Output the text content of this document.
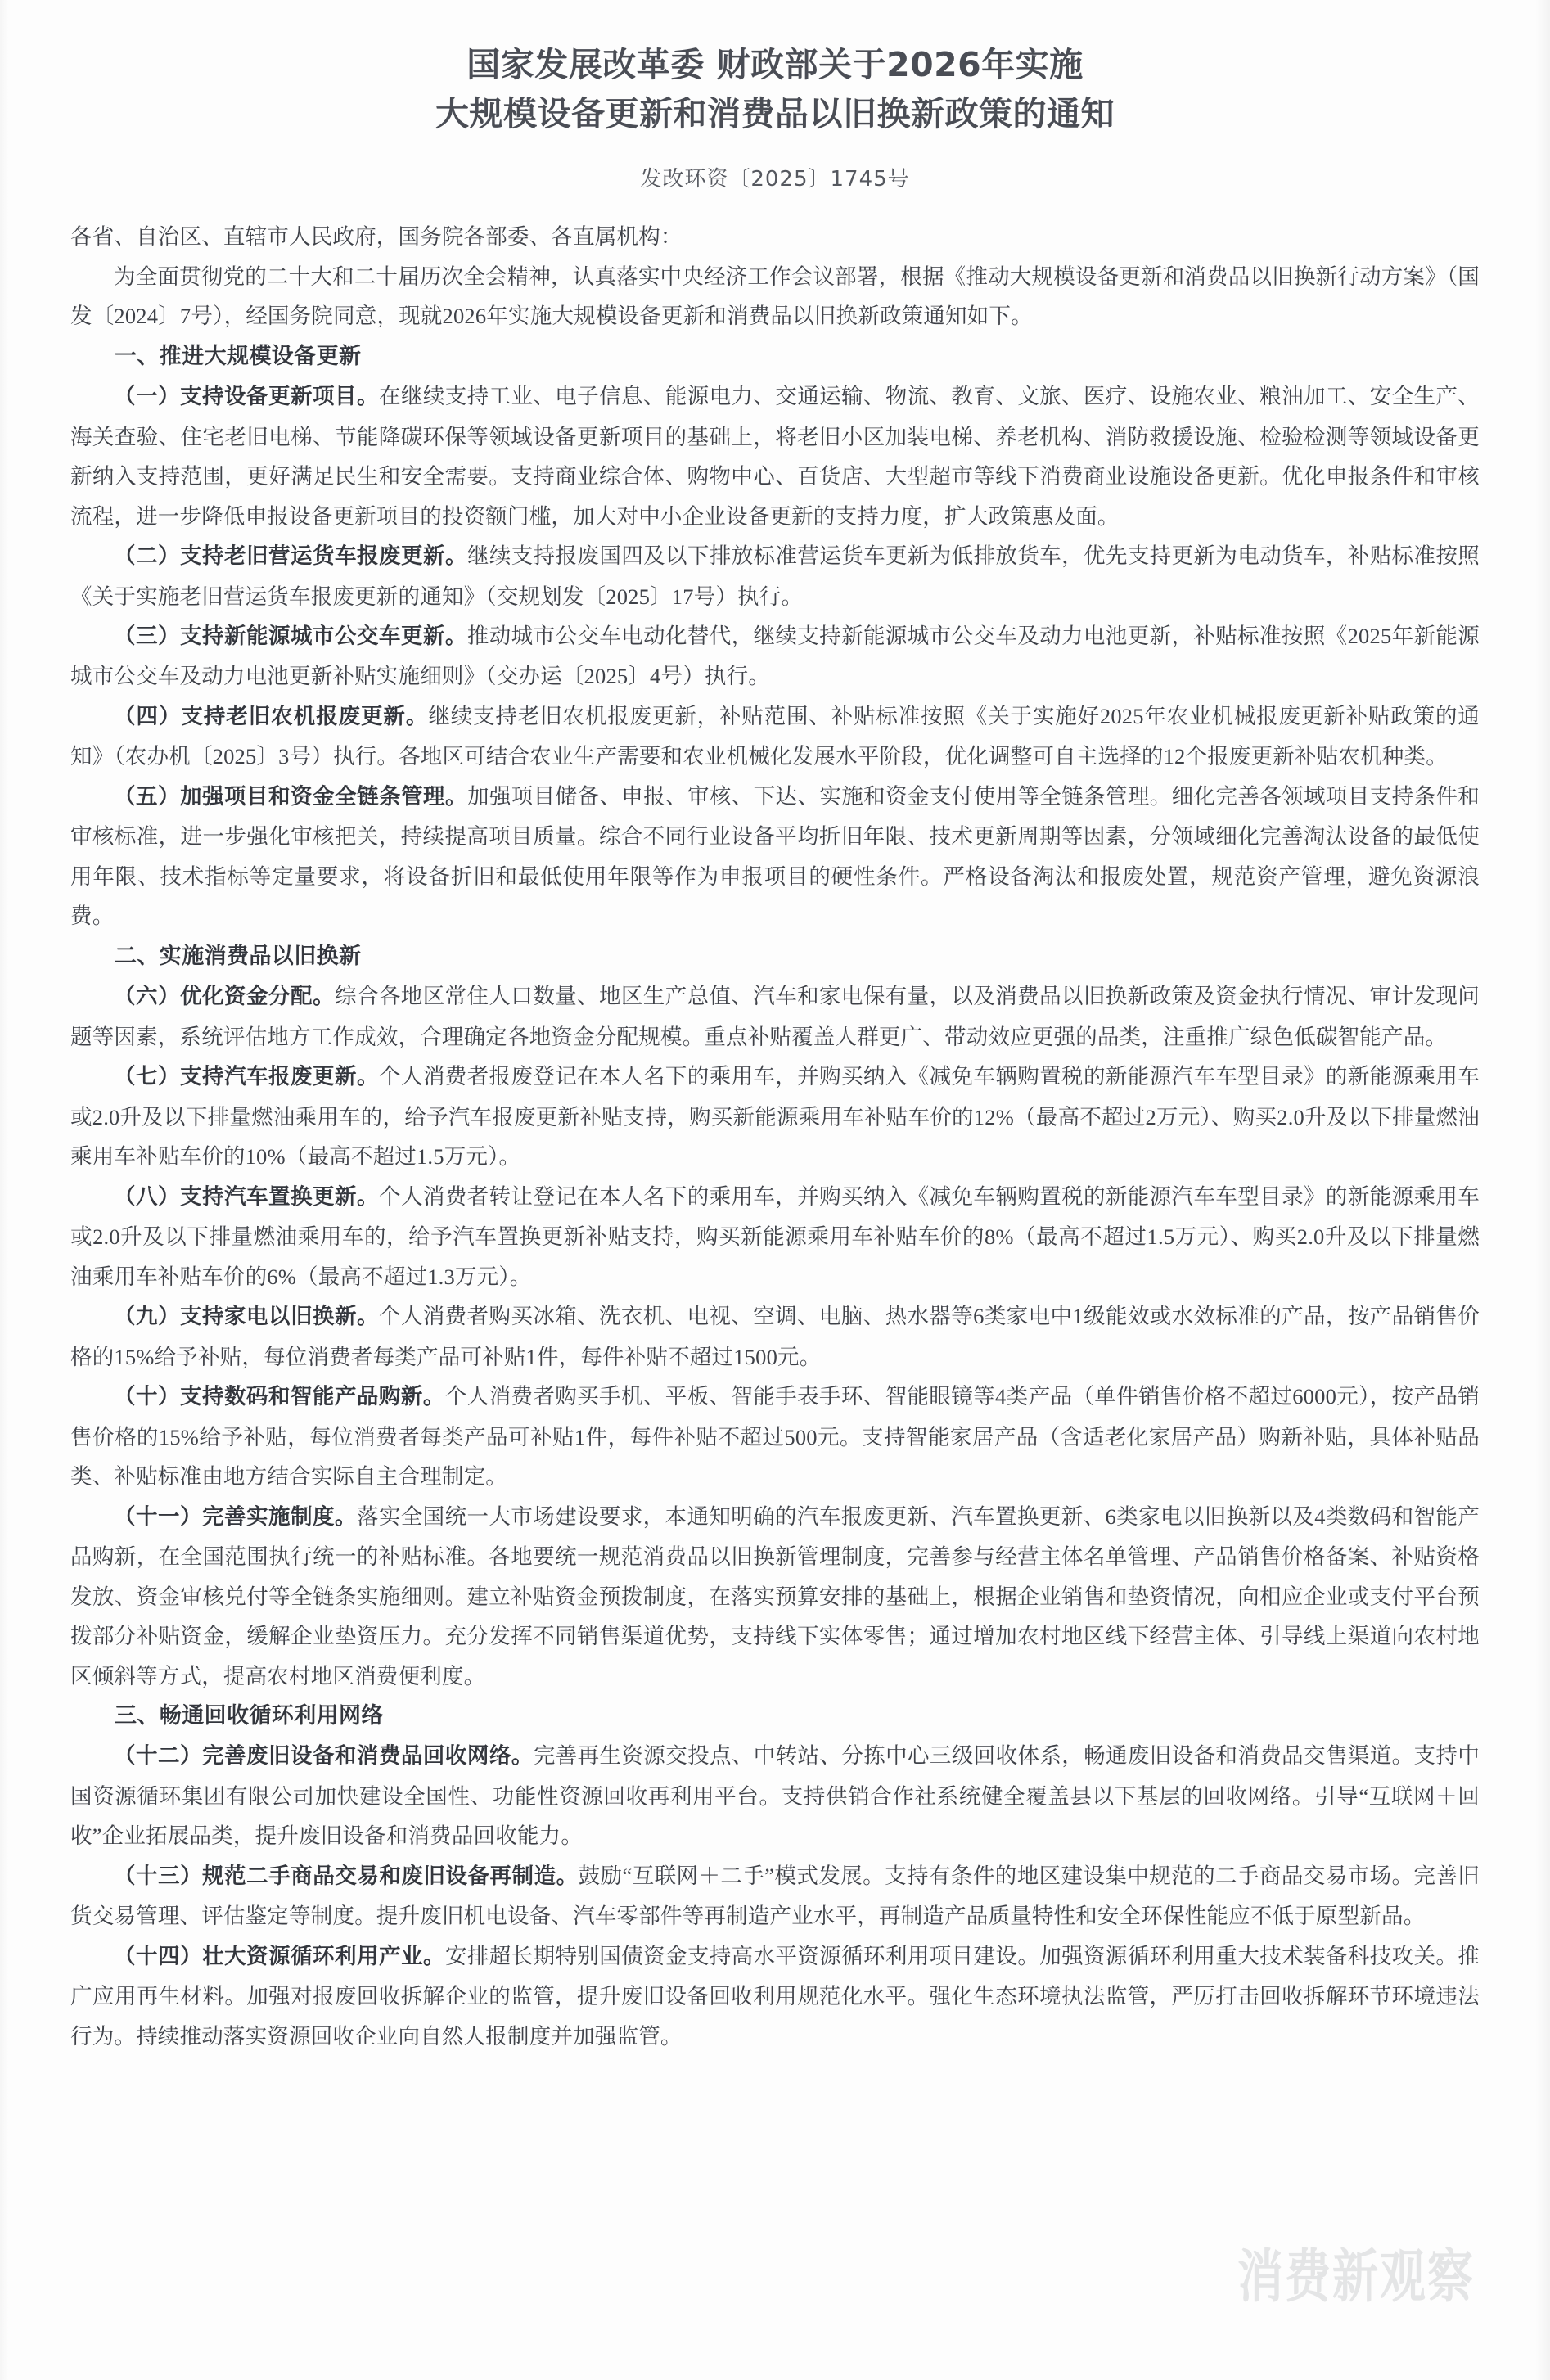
国家发展改革委 财政部关于2026年实施
大规模设备更新和消费品以旧换新政策的通知
发改环资〔2025〕1745号

各省、自治区、直辖市人民政府，国务院各部委、各直属机构：

为全面贯彻党的二十大和二十届历次全会精神，认真落实中央经济工作会议部署，根据《推动大规模设备更新和消费品以旧换新行动方案》（国发〔2024〕7号），经国务院同意，现就2026年实施大规模设备更新和消费品以旧换新政策通知如下。

一、推进大规模设备更新

（一）支持设备更新项目。在继续支持工业、电子信息、能源电力、交通运输、物流、教育、文旅、医疗、设施农业、粮油加工、安全生产、海关查验、住宅老旧电梯、节能降碳环保等领域设备更新项目的基础上，将老旧小区加装电梯、养老机构、消防救援设施、检验检测等领域设备更新纳入支持范围，更好满足民生和安全需要。支持商业综合体、购物中心、百货店、大型超市等线下消费商业设施设备更新。优化申报条件和审核流程，进一步降低申报设备更新项目的投资额门槛，加大对中小企业设备更新的支持力度，扩大政策惠及面。

（二）支持老旧营运货车报废更新。继续支持报废国四及以下排放标准营运货车更新为低排放货车，优先支持更新为电动货车，补贴标准按照《关于实施老旧营运货车报废更新的通知》（交规划发〔2025〕17号）执行。

（三）支持新能源城市公交车更新。推动城市公交车电动化替代，继续支持新能源城市公交车及动力电池更新，补贴标准按照《2025年新能源城市公交车及动力电池更新补贴实施细则》（交办运〔2025〕4号）执行。

（四）支持老旧农机报废更新。继续支持老旧农机报废更新，补贴范围、补贴标准按照《关于实施好2025年农业机械报废更新补贴政策的通知》（农办机〔2025〕3号）执行。各地区可结合农业生产需要和农业机械化发展水平阶段，优化调整可自主选择的12个报废更新补贴农机种类。

（五）加强项目和资金全链条管理。加强项目储备、申报、审核、下达、实施和资金支付使用等全链条管理。细化完善各领域项目支持条件和审核标准，进一步强化审核把关，持续提高项目质量。综合不同行业设备平均折旧年限、技术更新周期等因素，分领域细化完善淘汰设备的最低使用年限、技术指标等定量要求，将设备折旧和最低使用年限等作为申报项目的硬性条件。严格设备淘汰和报废处置，规范资产管理，避免资源浪费。

二、实施消费品以旧换新

（六）优化资金分配。综合各地区常住人口数量、地区生产总值、汽车和家电保有量，以及消费品以旧换新政策及资金执行情况、审计发现问题等因素，系统评估地方工作成效，合理确定各地资金分配规模。重点补贴覆盖人群更广、带动效应更强的品类，注重推广绿色低碳智能产品。

（七）支持汽车报废更新。个人消费者报废登记在本人名下的乘用车，并购买纳入《减免车辆购置税的新能源汽车车型目录》的新能源乘用车或2.0升及以下排量燃油乘用车的，给予汽车报废更新补贴支持，购买新能源乘用车补贴车价的12%（最高不超过2万元）、购买2.0升及以下排量燃油乘用车补贴车价的10%（最高不超过1.5万元）。

（八）支持汽车置换更新。个人消费者转让登记在本人名下的乘用车，并购买纳入《减免车辆购置税的新能源汽车车型目录》的新能源乘用车或2.0升及以下排量燃油乘用车的，给予汽车置换更新补贴支持，购买新能源乘用车补贴车价的8%（最高不超过1.5万元）、购买2.0升及以下排量燃油乘用车补贴车价的6%（最高不超过1.3万元）。

（九）支持家电以旧换新。个人消费者购买冰箱、洗衣机、电视、空调、电脑、热水器等6类家电中1级能效或水效标准的产品，按产品销售价格的15%给予补贴，每位消费者每类产品可补贴1件，每件补贴不超过1500元。

（十）支持数码和智能产品购新。个人消费者购买手机、平板、智能手表手环、智能眼镜等4类产品（单件销售价格不超过6000元），按产品销售价格的15%给予补贴，每位消费者每类产品可补贴1件，每件补贴不超过500元。支持智能家居产品（含适老化家居产品）购新补贴，具体补贴品类、补贴标准由地方结合实际自主合理制定。

（十一）完善实施制度。落实全国统一大市场建设要求，本通知明确的汽车报废更新、汽车置换更新、6类家电以旧换新以及4类数码和智能产品购新，在全国范围执行统一的补贴标准。各地要统一规范消费品以旧换新管理制度，完善参与经营主体名单管理、产品销售价格备案、补贴资格发放、资金审核兑付等全链条实施细则。建立补贴资金预拨制度，在落实预算安排的基础上，根据企业销售和垫资情况，向相应企业或支付平台预拨部分补贴资金，缓解企业垫资压力。充分发挥不同销售渠道优势，支持线下实体零售；通过增加农村地区线下经营主体、引导线上渠道向农村地区倾斜等方式，提高农村地区消费便利度。

三、畅通回收循环利用网络

（十二）完善废旧设备和消费品回收网络。完善再生资源交投点、中转站、分拣中心三级回收体系，畅通废旧设备和消费品交售渠道。支持中国资源循环集团有限公司加快建设全国性、功能性资源回收再利用平台。支持供销合作社系统健全覆盖县以下基层的回收网络。引导“互联网＋回收”企业拓展品类，提升废旧设备和消费品回收能力。

（十三）规范二手商品交易和废旧设备再制造。鼓励“互联网＋二手”模式发展。支持有条件的地区建设集中规范的二手商品交易市场。完善旧货交易管理、评估鉴定等制度。提升废旧机电设备、汽车零部件等再制造产业水平，再制造产品质量特性和安全环保性能应不低于原型新品。

（十四）壮大资源循环利用产业。安排超长期特别国债资金支持高水平资源循环利用项目建设。加强资源循环利用重大技术装备科技攻关。推广应用再生材料。加强对报废回收拆解企业的监管，提升废旧设备回收利用规范化水平。强化生态环境执法监管，严厉打击回收拆解环节环境违法行为。持续推动落实资源回收企业向自然人报制度并加强监管。

消费新观察
